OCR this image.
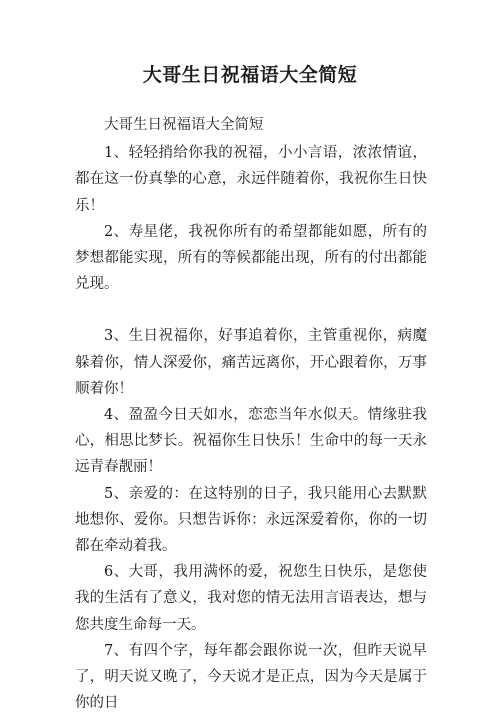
大哥生日祝福语大全简短

大哥生日祝福语大全简短

1、轻轻捎给你我的祝福，小小言语，浓浓情谊，都在这一份真挚的心意，永远伴随着你，我祝你生日快乐！

2、寿星佬，我祝你所有的希望都能如愿，所有的梦想都能实现，所有的等候都能出现，所有的付出都能兑现。

3、生日祝福你，好事追着你，主管重视你，病魔躲着你，情人深爱你，痛苦远离你，开心跟着你，万事顺着你！

4、盈盈今日天如水，恋恋当年水似天。情缘驻我心，相思比梦长。祝福你生日快乐！生命中的每一天永远青春靓丽！

5、亲爱的：在这特别的日子，我只能用心去默默地想你、爱你。只想告诉你：永远深爱着你，你的一切都在牵动着我。

6、大哥，我用满怀的爱，祝您生日快乐，是您使我的生活有了意义，我对您的情无法用言语表达，想与您共度生命每一天。

7、有四个字，每年都会跟你说一次，但昨天说早了，明天说又晚了，今天说才是正点，因为今天是属于你的日
